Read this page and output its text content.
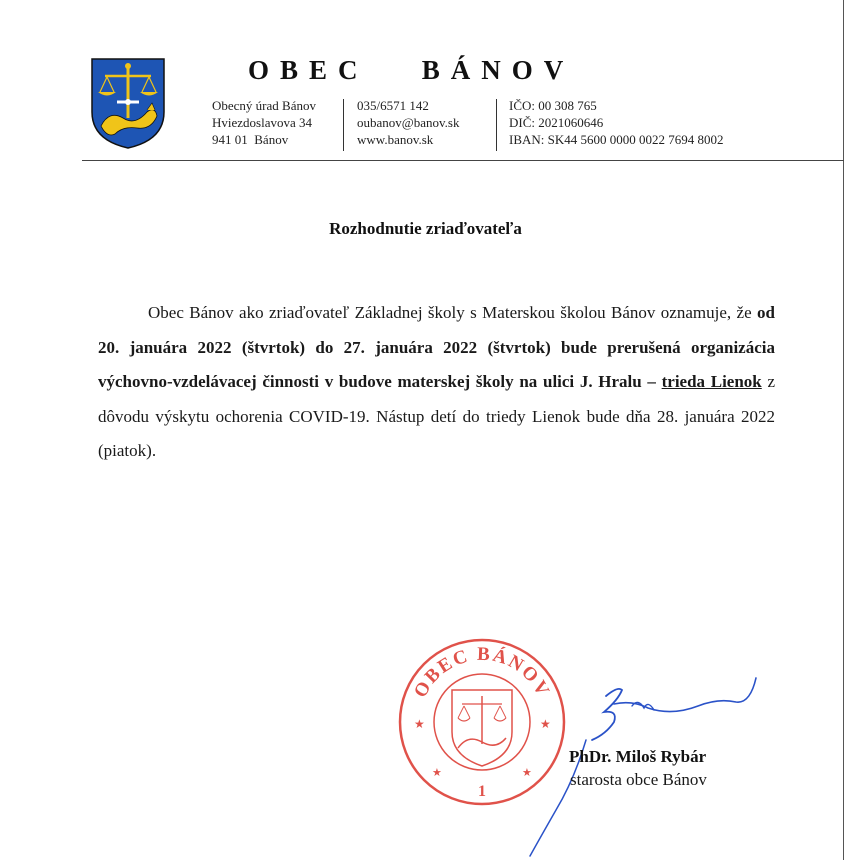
OBEC   BÁNOV
Obecný úrad Bánov
Hviezdoslavova 34
941 01  Bánov
035/6571 142
oubanov@banov.sk
www.banov.sk
IČO: 00 308 765
DIČ: 2021060646
IBAN: SK44 5600 0000 0022 7694 8002
Rozhodnutie zriaďovateľa
Obec Bánov ako zriaďovateľ Základnej školy s Materskou školou Bánov oznamuje, že od 20. januára 2022 (štvrtok) do 27. januára 2022 (štvrtok) bude prerušená organizácia výchovno-vzdelávacej činnosti v budove materskej školy na ulici J. Hralu – trieda Lienok z dôvodu výskytu ochorenia COVID-19. Nástup detí do triedy Lienok bude dňa 28. januára 2022 (piatok).
OBEC BÁNOV
★	★
★	★
1
PhDr. Miloš Rybár
starosta obce Bánov
